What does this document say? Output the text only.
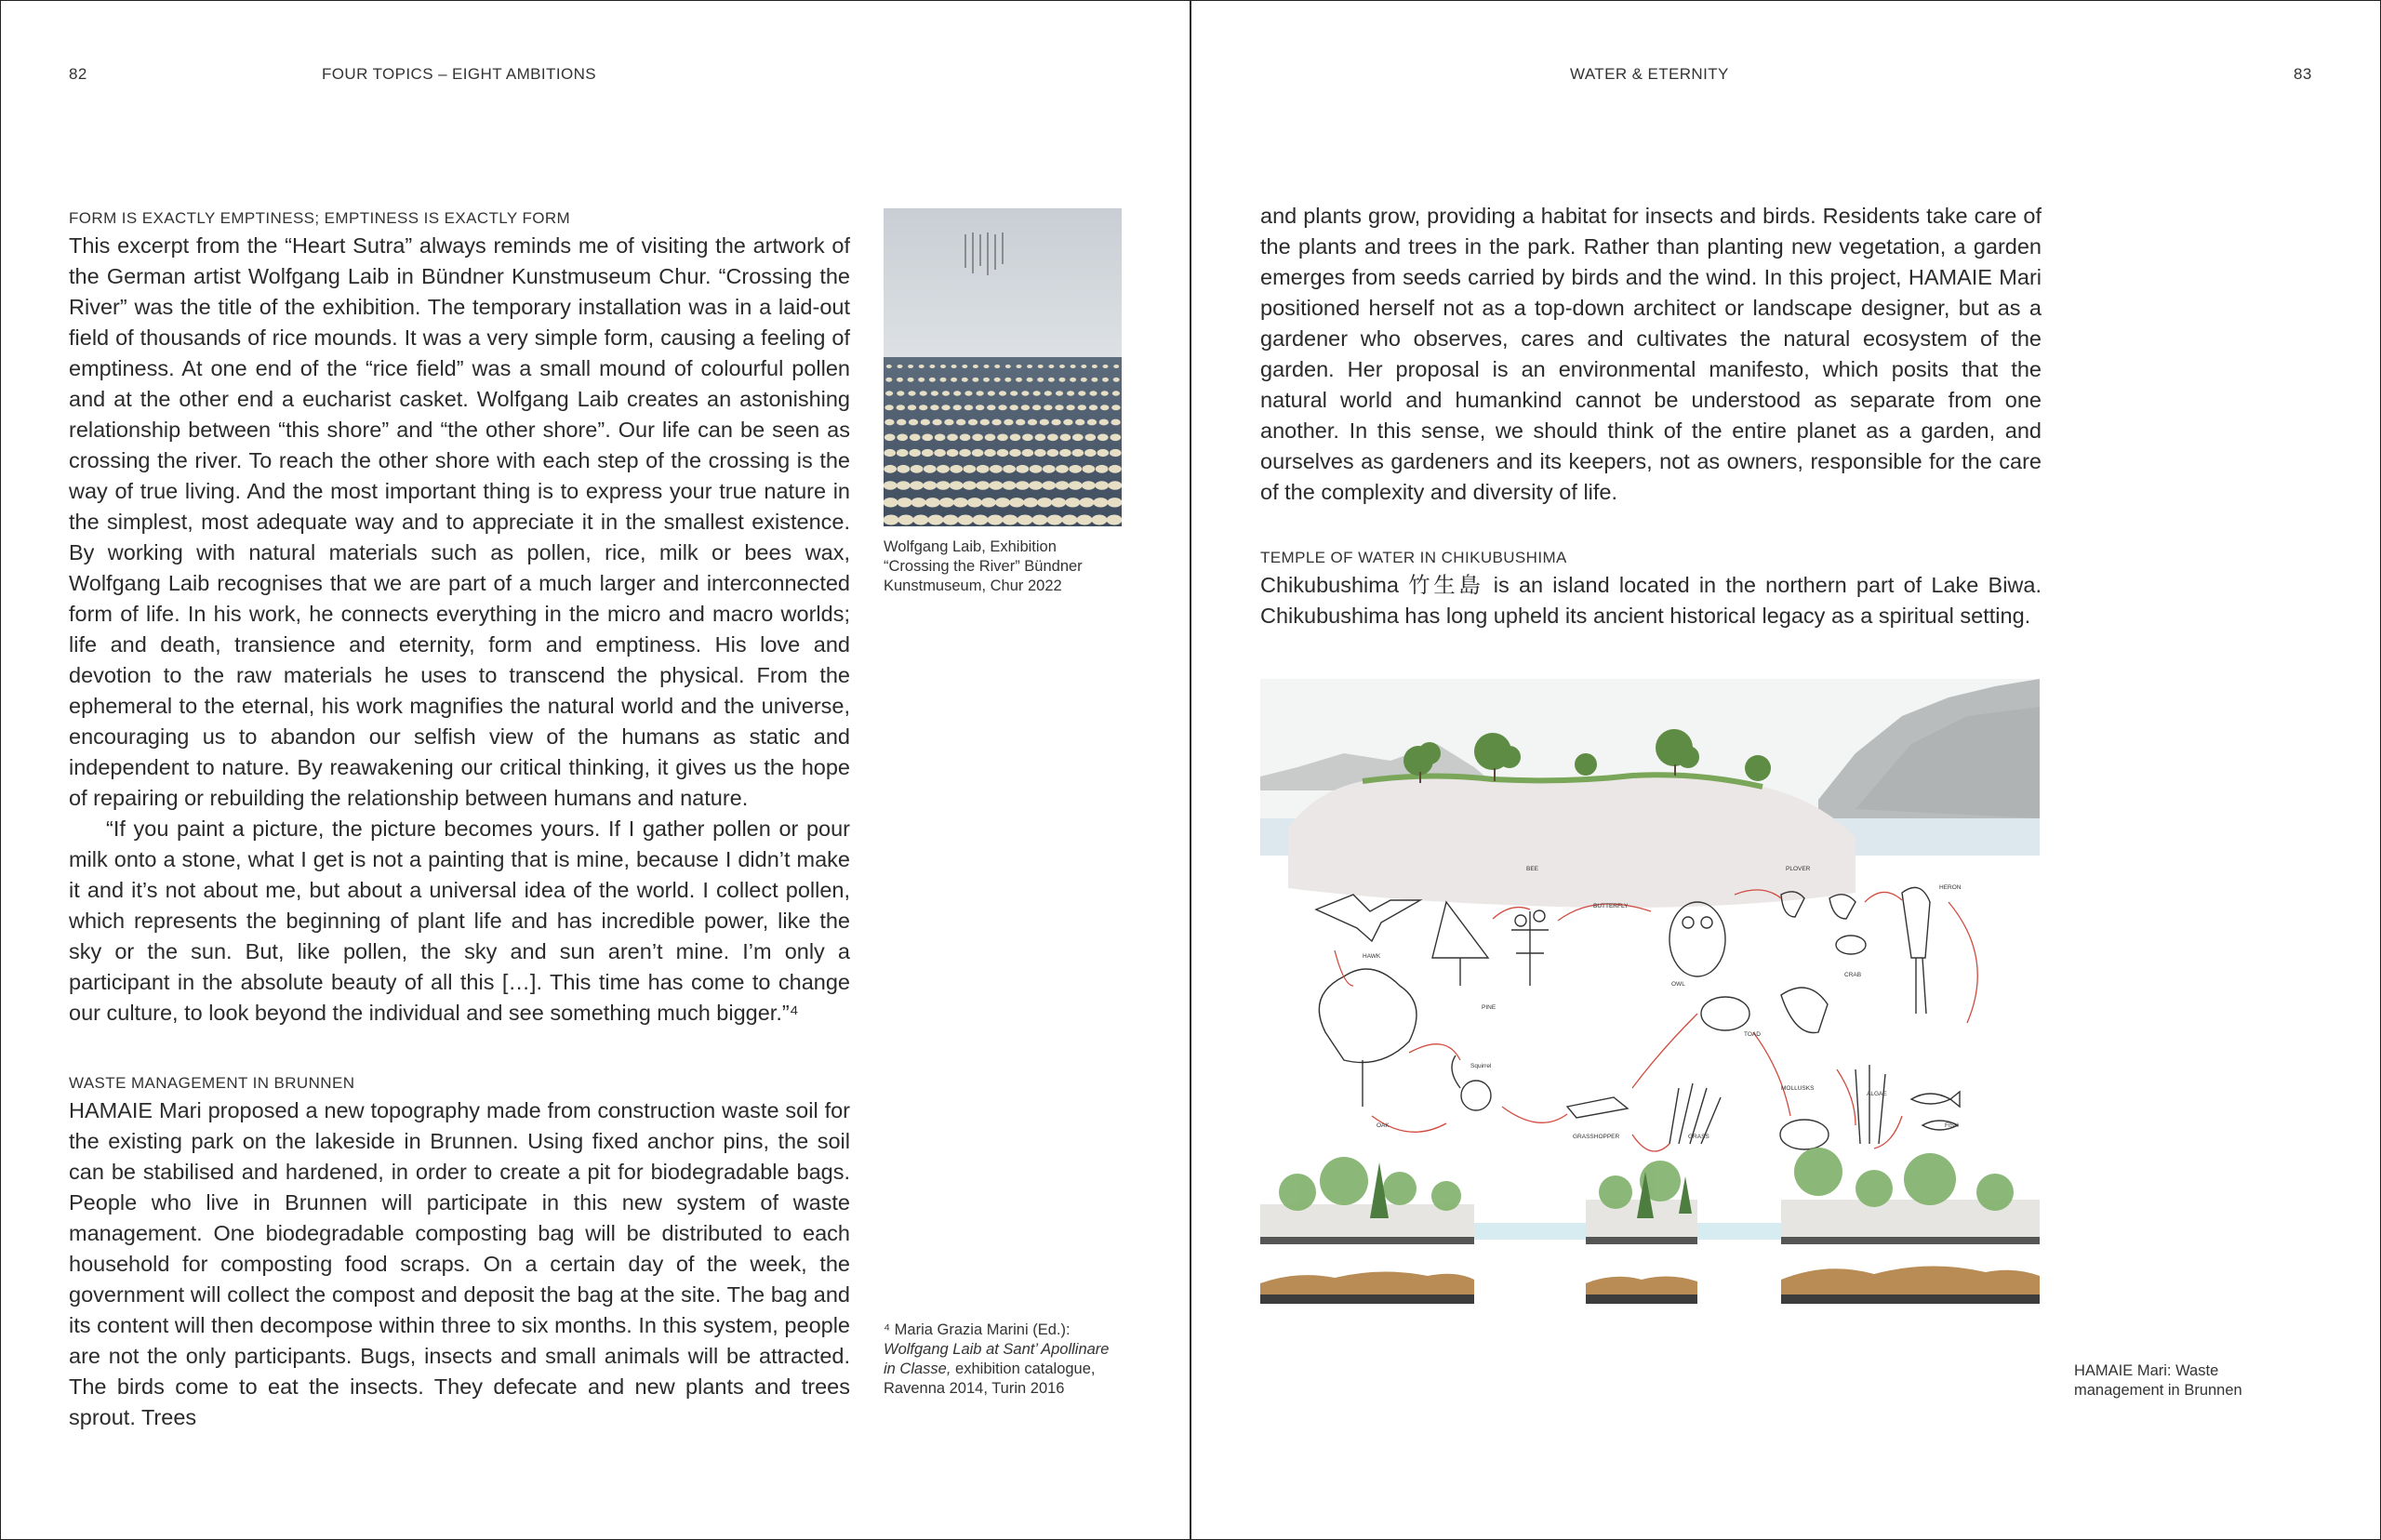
82	FOUR TOPICS – EIGHT AMBITIONS
FORM IS EXACTLY EMPTINESS; EMPTINESS IS EXACTLY FORM

This excerpt from the “Heart Sutra” always reminds me of visiting the artwork of the German artist Wolfgang Laib in Bündner Kunstmuseum Chur. “Crossing the River” was the title of the exhibition. The temporary installation was in a laid-out field of thousands of rice mounds. It was a very simple form, causing a feeling of emptiness. At one end of the “rice field” was a small mound of colourful pollen and at the other end a eucharist casket. Wolfgang Laib creates an astonishing relationship between “this shore” and “the other shore”. Our life can be seen as crossing the river. To reach the other shore with each step of the crossing is the way of true living. And the most important thing is to express your true nature in the simplest, most adequate way and to appreciate it in the smallest existence. By working with natural materials such as pollen, rice, milk or bees wax, Wolfgang Laib recognises that we are part of a much larger and interconnected form of life. In his work, he connects everything in the micro and macro worlds; life and death, transience and eternity, form and emptiness. His love and devotion to the raw materials he uses to transcend the physical. From the ephemeral to the eternal, his work magnifies the natural world and the universe, encouraging us to abandon our selfish view of the humans as static and independent to nature. By reawakening our critical thinking, it gives us the hope of repairing or rebuilding the relationship between humans and nature.

“If you paint a picture, the picture becomes yours. If I gather pollen or pour milk onto a stone, what I get is not a painting that is mine, because I didn’t make it and it’s not about me, but about a universal idea of the world. I collect pollen, which represents the beginning of plant life and has incredible power, like the sky or the sun. But, like pollen, the sky and sun aren’t mine. I’m only a participant in the absolute beauty of all this […]. This time has come to change our culture, to look beyond the individual and see something much bigger.”⁴

Wolfgang Laib, Exhibition “Crossing the River” Bündner Kunstmuseum, Chur 2022
WASTE MANAGEMENT IN BRUNNEN

HAMAIE Mari proposed a new topography made from construction waste soil for the existing park on the lakeside in Brunnen. Using fixed anchor pins, the soil can be stabilised and hardened, in order to create a pit for biodegradable bags. People who live in Brunnen will participate in this new system of waste management. One biodegradable composting bag will be distributed to each household for composting food scraps. On a certain day of the week, the government will collect the compost and deposit the bag at the site. The bag and its content will then decompose within three to six months. In this system, people are not the only participants. Bugs, insects and small animals will be attracted. The birds come to eat the insects. They defecate and new plants and trees sprout. Trees

⁴ Maria Grazia Marini (Ed.):
Wolfgang Laib at Sant’ Apollinare in Classe, exhibition catalogue, Ravenna 2014, Turin 2016
WATER & ETERNITY	83

and plants grow, providing a habitat for insects and birds. Residents take care of the plants and trees in the park. Rather than planting new vegetation, a garden emerges from seeds carried by birds and the wind. In this project, HAMAIE Mari positioned herself not as a top-down architect or landscape designer, but as a gardener who observes, cares and cultivates the natural ecosystem of the garden. Her proposal is an environmental manifesto, which posits that the natural world and humankind cannot be understood as separate from one another. In this sense, we should think of the entire planet as a garden, and ourselves as gardeners and its keepers, not as owners, responsible for the care of the complexity and diversity of life.

TEMPLE OF WATER IN CHIKUBUSHIMA

Chikubushima 竹生島 is an island located in the northern part of Lake Biwa. Chikubushima has long upheld its ancient historical legacy as a spiritual setting.

BEE	PLOVER
HERON
HAWK
BUTTERFLY
OWL
PINE
CRAB
TOAD
Squirrel
OAK
MOLLUSKS
ALGAE
FISH
GRASSHOPPER	GRASS
HAMAIE Mari: Waste management in Brunnen
